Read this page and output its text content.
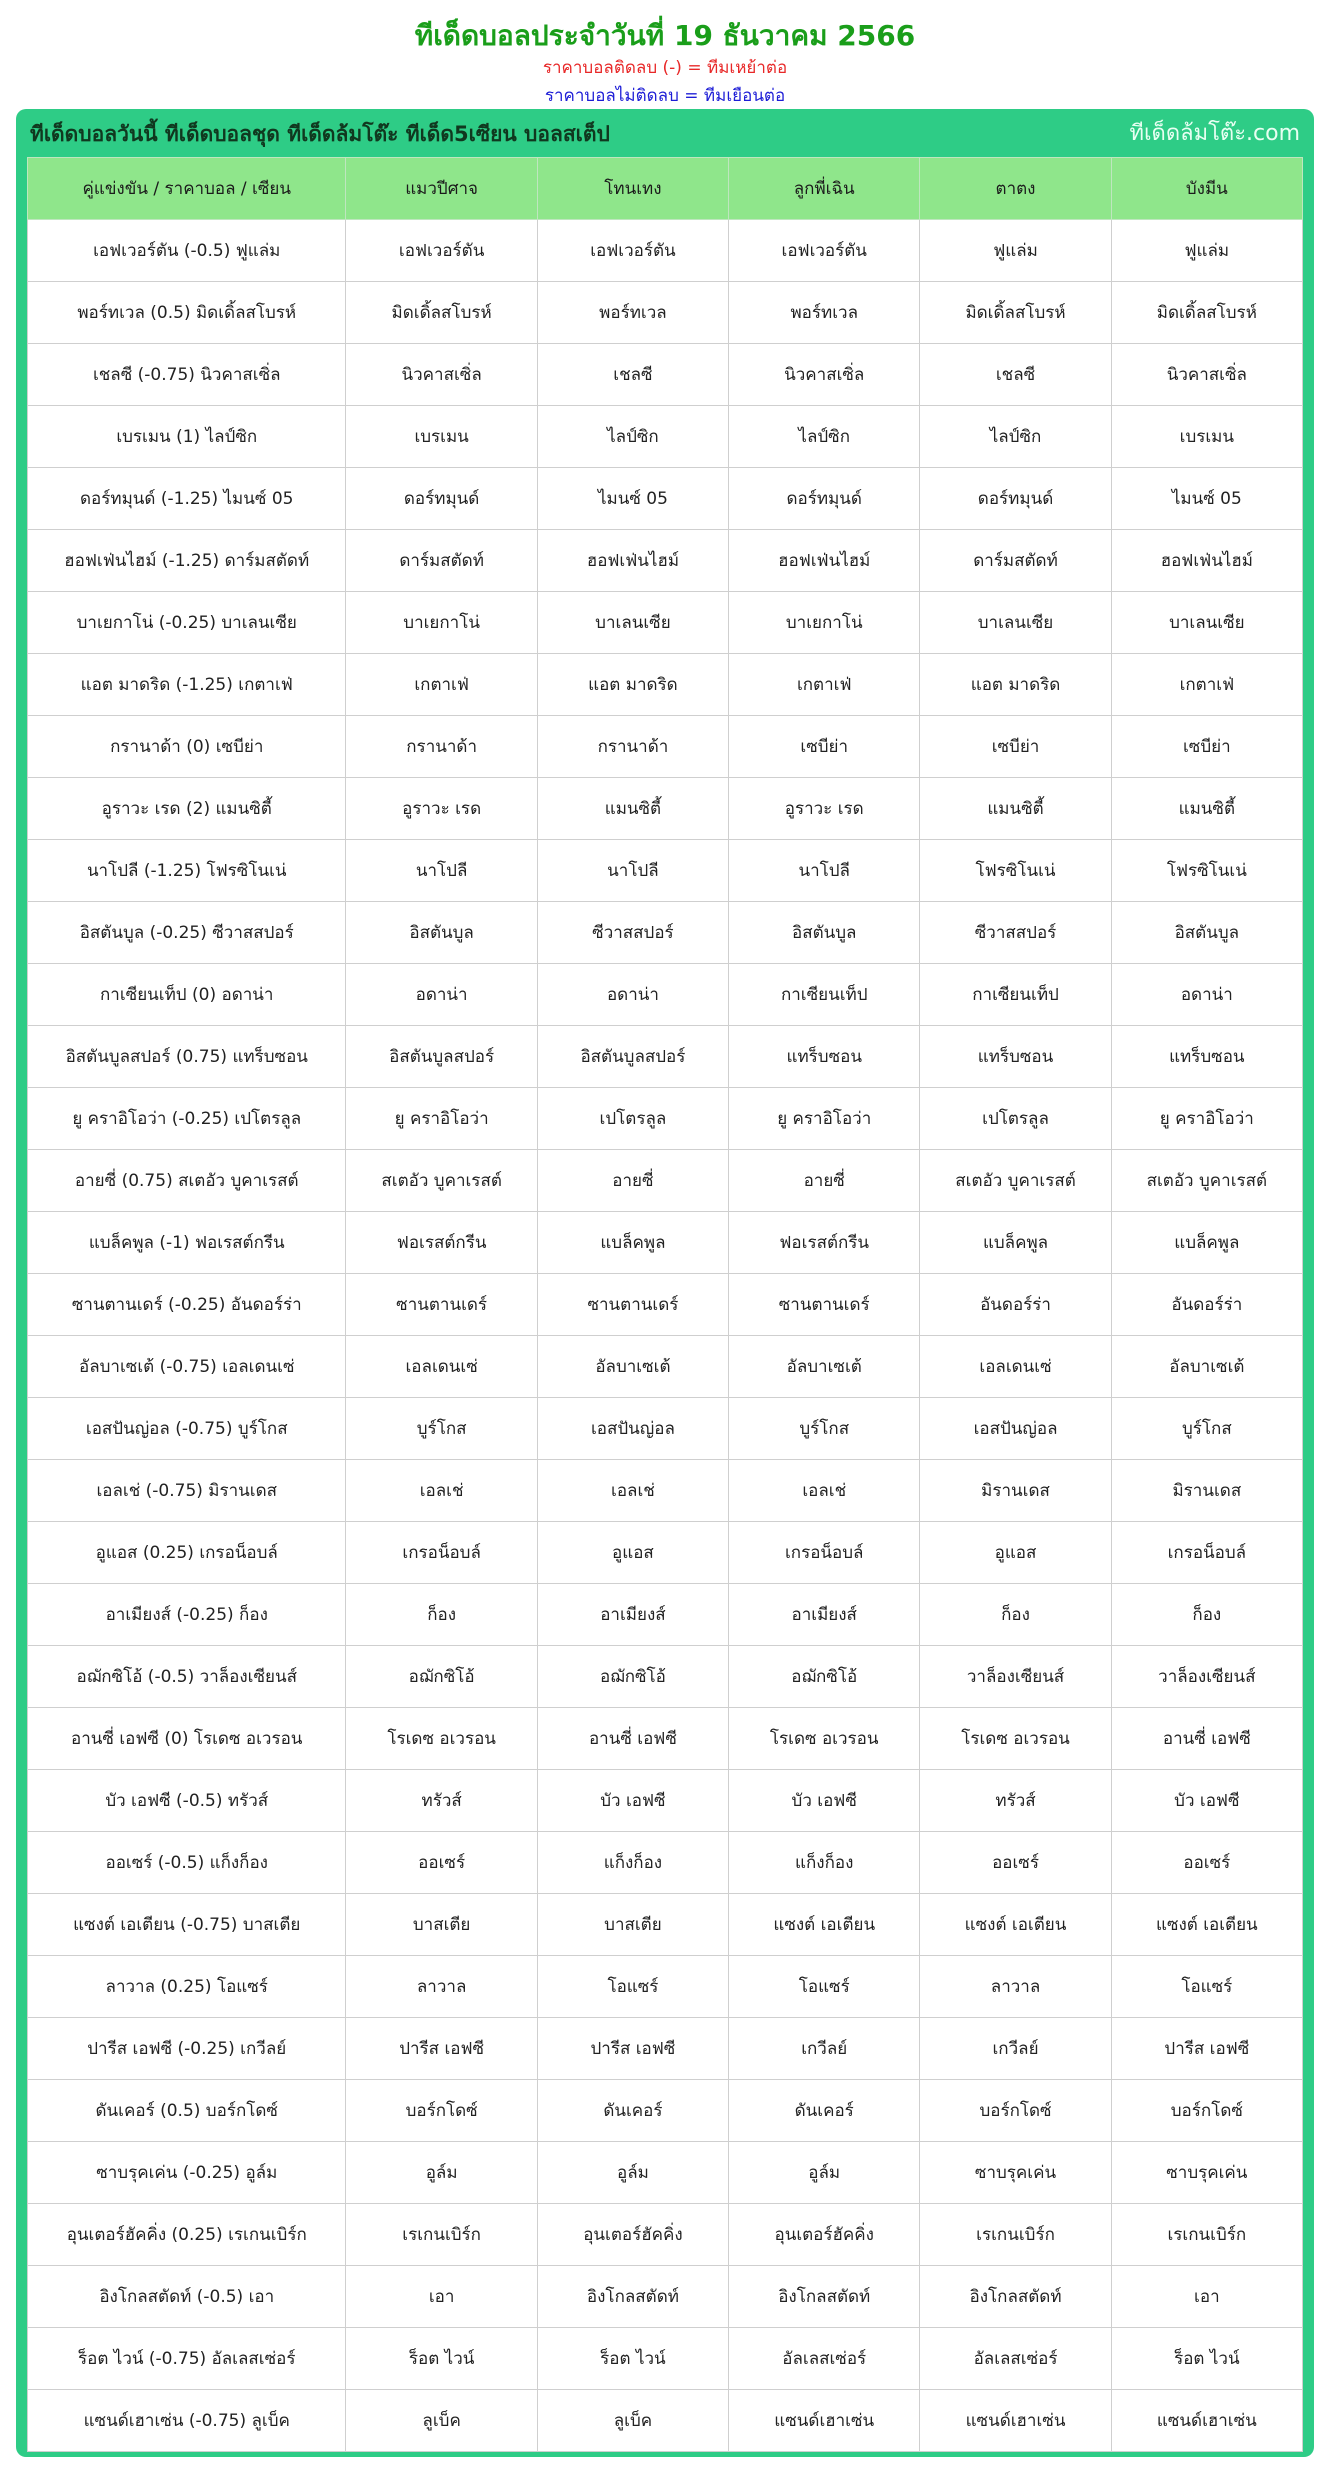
ทีเด็ดบอลประจำวันที่ 19 ธันวาคม 2566
ราคาบอลติดลบ (-) = ทีมเหย้าต่อ
ราคาบอลไม่ติดลบ = ทีมเยือนต่อ
ทีเด็ดบอลวันนี้ ทีเด็ดบอลชุด ทีเด็ดล้มโต๊ะ ทีเด็ด5เซียน บอลสเต็ป	ทีเด็ดล้มโต๊ะ.com
คู่แข่งขัน / ราคาบอล / เซียน	แมวปีศาจ	โทนเทง	ลูกพี่เฉิน	ตาตง	บังมีน
เอฟเวอร์ตัน (-0.5) ฟูแล่ม	เอฟเวอร์ตัน	เอฟเวอร์ตัน	เอฟเวอร์ตัน	ฟูแล่ม	ฟูแล่ม
พอร์ทเวล (0.5) มิดเดิ้ลสโบรห์	มิดเดิ้ลสโบรห์	พอร์ทเวล	พอร์ทเวล	มิดเดิ้ลสโบรห์	มิดเดิ้ลสโบรห์
เชลซี (-0.75) นิวคาสเซิ่ล	นิวคาสเซิ่ล	เชลซี	นิวคาสเซิ่ล	เชลซี	นิวคาสเซิ่ล
เบรเมน (1) ไลป์ซิก	เบรเมน	ไลป์ซิก	ไลป์ซิก	ไลป์ซิก	เบรเมน
ดอร์ทมุนด์ (-1.25) ไมนซ์ 05	ดอร์ทมุนด์	ไมนซ์ 05	ดอร์ทมุนด์	ดอร์ทมุนด์	ไมนซ์ 05
ฮอฟเฟ่นไฮม์ (-1.25) ดาร์มสตัดท์	ดาร์มสตัดท์	ฮอฟเฟ่นไฮม์	ฮอฟเฟ่นไฮม์	ดาร์มสตัดท์	ฮอฟเฟ่นไฮม์
บาเยกาโน่ (-0.25) บาเลนเซีย	บาเยกาโน่	บาเลนเซีย	บาเยกาโน่	บาเลนเซีย	บาเลนเซีย
แอต มาดริด (-1.25) เกตาเฟ่	เกตาเฟ่	แอต มาดริด	เกตาเฟ่	แอต มาดริด	เกตาเฟ่
กรานาด้า (0) เซบีย่า	กรานาด้า	กรานาด้า	เซบีย่า	เซบีย่า	เซบีย่า
อูราวะ เรด (2) แมนซิตี้	อูราวะ เรด	แมนซิตี้	อูราวะ เรด	แมนซิตี้	แมนซิตี้
นาโปลี (-1.25) โฟรซิโนเน่	นาโปลี	นาโปลี	นาโปลี	โฟรซิโนเน่	โฟรซิโนเน่
อิสตันบูล (-0.25) ซีวาสสปอร์	อิสตันบูล	ซีวาสสปอร์	อิสตันบูล	ซีวาสสปอร์	อิสตันบูล
กาเซียนเท็ป (0) อดาน่า	อดาน่า	อดาน่า	กาเซียนเท็ป	กาเซียนเท็ป	อดาน่า
อิสตันบูลสปอร์ (0.75) แทร็บซอน	อิสตันบูลสปอร์	อิสตันบูลสปอร์	แทร็บซอน	แทร็บซอน	แทร็บซอน
ยู คราอิโอว่า (-0.25) เปโตรลูล	ยู คราอิโอว่า	เปโตรลูล	ยู คราอิโอว่า	เปโตรลูล	ยู คราอิโอว่า
อายซี่ (0.75) สเตอัว บูคาเรสต์	สเตอัว บูคาเรสต์	อายซี่	อายซี่	สเตอัว บูคาเรสต์	สเตอัว บูคาเรสต์
แบล็คพูล (-1) ฟอเรสต์กรีน	ฟอเรสต์กรีน	แบล็คพูล	ฟอเรสต์กรีน	แบล็คพูล	แบล็คพูล
ซานตานเดร์ (-0.25) อันดอร์ร่า	ซานตานเดร์	ซานตานเดร์	ซานตานเดร์	อันดอร์ร่า	อันดอร์ร่า
อัลบาเซเต้ (-0.75) เอลเดนเซ่	เอลเดนเซ่	อัลบาเซเต้	อัลบาเซเต้	เอลเดนเซ่	อัลบาเซเต้
เอสปันญ่อล (-0.75) บูร์โกส	บูร์โกส	เอสปันญ่อล	บูร์โกส	เอสปันญ่อล	บูร์โกส
เอลเช่ (-0.75) มิรานเดส	เอลเช่	เอลเช่	เอลเช่	มิรานเดส	มิรานเดส
อูแอส (0.25) เกรอน็อบล์	เกรอน็อบล์	อูแอส	เกรอน็อบล์	อูแอส	เกรอน็อบล์
อาเมียงส์ (-0.25) ก็อง	ก็อง	อาเมียงส์	อาเมียงส์	ก็อง	ก็อง
อฌักซิโอ้ (-0.5) วาล็องเซียนส์	อฌักซิโอ้	อฌักซิโอ้	อฌักซิโอ้	วาล็องเซียนส์	วาล็องเซียนส์
อานซี่ เอฟซี (0) โรเดซ อเวรอน	โรเดซ อเวรอน	อานซี่ เอฟซี	โรเดซ อเวรอน	โรเดซ อเวรอน	อานซี่ เอฟซี
บัว เอฟซี (-0.5) ทรัวส์	ทรัวส์	บัว เอฟซี	บัว เอฟซี	ทรัวส์	บัว เอฟซี
ออเซร์ (-0.5) แก็งก็อง	ออเซร์	แก็งก็อง	แก็งก็อง	ออเซร์	ออเซร์
แซงต์ เอเตียน (-0.75) บาสเตีย	บาสเตีย	บาสเตีย	แซงต์ เอเตียน	แซงต์ เอเตียน	แซงต์ เอเตียน
ลาวาล (0.25) โอแซร์	ลาวาล	โอแซร์	โอแซร์	ลาวาล	โอแซร์
ปารีส เอฟซี (-0.25) เกวีลย์	ปารีส เอฟซี	ปารีส เอฟซี	เกวีลย์	เกวีลย์	ปารีส เอฟซี
ดันเคอร์ (0.5) บอร์กโดซ์	บอร์กโดซ์	ดันเคอร์	ดันเคอร์	บอร์กโดซ์	บอร์กโดซ์
ซาบรุคเค่น (-0.25) อูล์ม	อูล์ม	อูล์ม	อูล์ม	ซาบรุคเค่น	ซาบรุคเค่น
อุนเตอร์ฮัคคิ่ง (0.25) เรเกนเบิร์ก	เรเกนเบิร์ก	อุนเตอร์ฮัคคิ่ง	อุนเตอร์ฮัคคิ่ง	เรเกนเบิร์ก	เรเกนเบิร์ก
อิงโกลสตัดท์ (-0.5) เอา	เอา	อิงโกลสตัดท์	อิงโกลสตัดท์	อิงโกลสตัดท์	เอา
ร็อต ไวน์ (-0.75) อัลเลสเซ่อร์	ร็อต ไวน์	ร็อต ไวน์	อัลเลสเซ่อร์	อัลเลสเซ่อร์	ร็อต ไวน์
แซนด์เฮาเซ่น (-0.75) ลูเบ็ค	ลูเบ็ค	ลูเบ็ค	แซนด์เฮาเซ่น	แซนด์เฮาเซ่น	แซนด์เฮาเซ่น
